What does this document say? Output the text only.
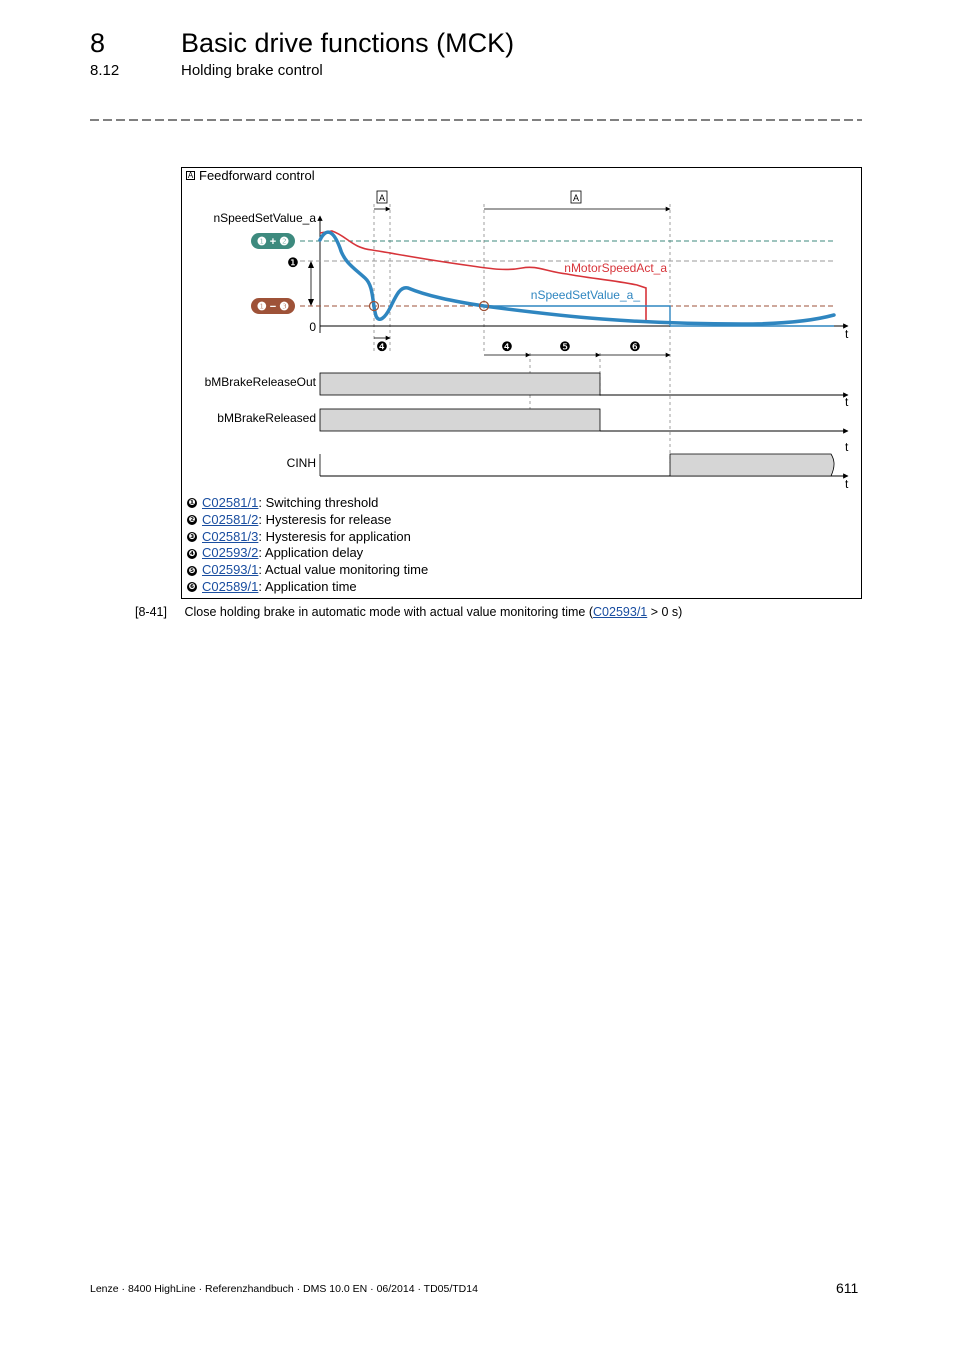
8	Basic drive functions (MCK)
8.12	Holding brake control
A Feedforward control
A	A
nSpeedSetValue_a
0	t
❶ + ❷
❶
❶ − ❸
nMotorSpeedAct_a
nSpeedSetValue_a_
❹	❹	❺	❻
bMBrakeReleaseOut
t
bMBrakeReleased
t
CINH
t
❶ C02581/1 : Switching threshold
❷ C02581/2 : Hysteresis for release
❸ C02581/3 : Hysteresis for application
❹ C02593/2 : Application delay
❺ C02593/1 : Actual value monitoring time
❻ C02589/1 : Application time
[8-41] Close holding brake in automatic mode with actual value monitoring time (C02593/1 > 0 s)
Lenze · 8400 HighLine · Referenzhandbuch · DMS 10.0 EN · 06/2014 · TD05/TD14	611
